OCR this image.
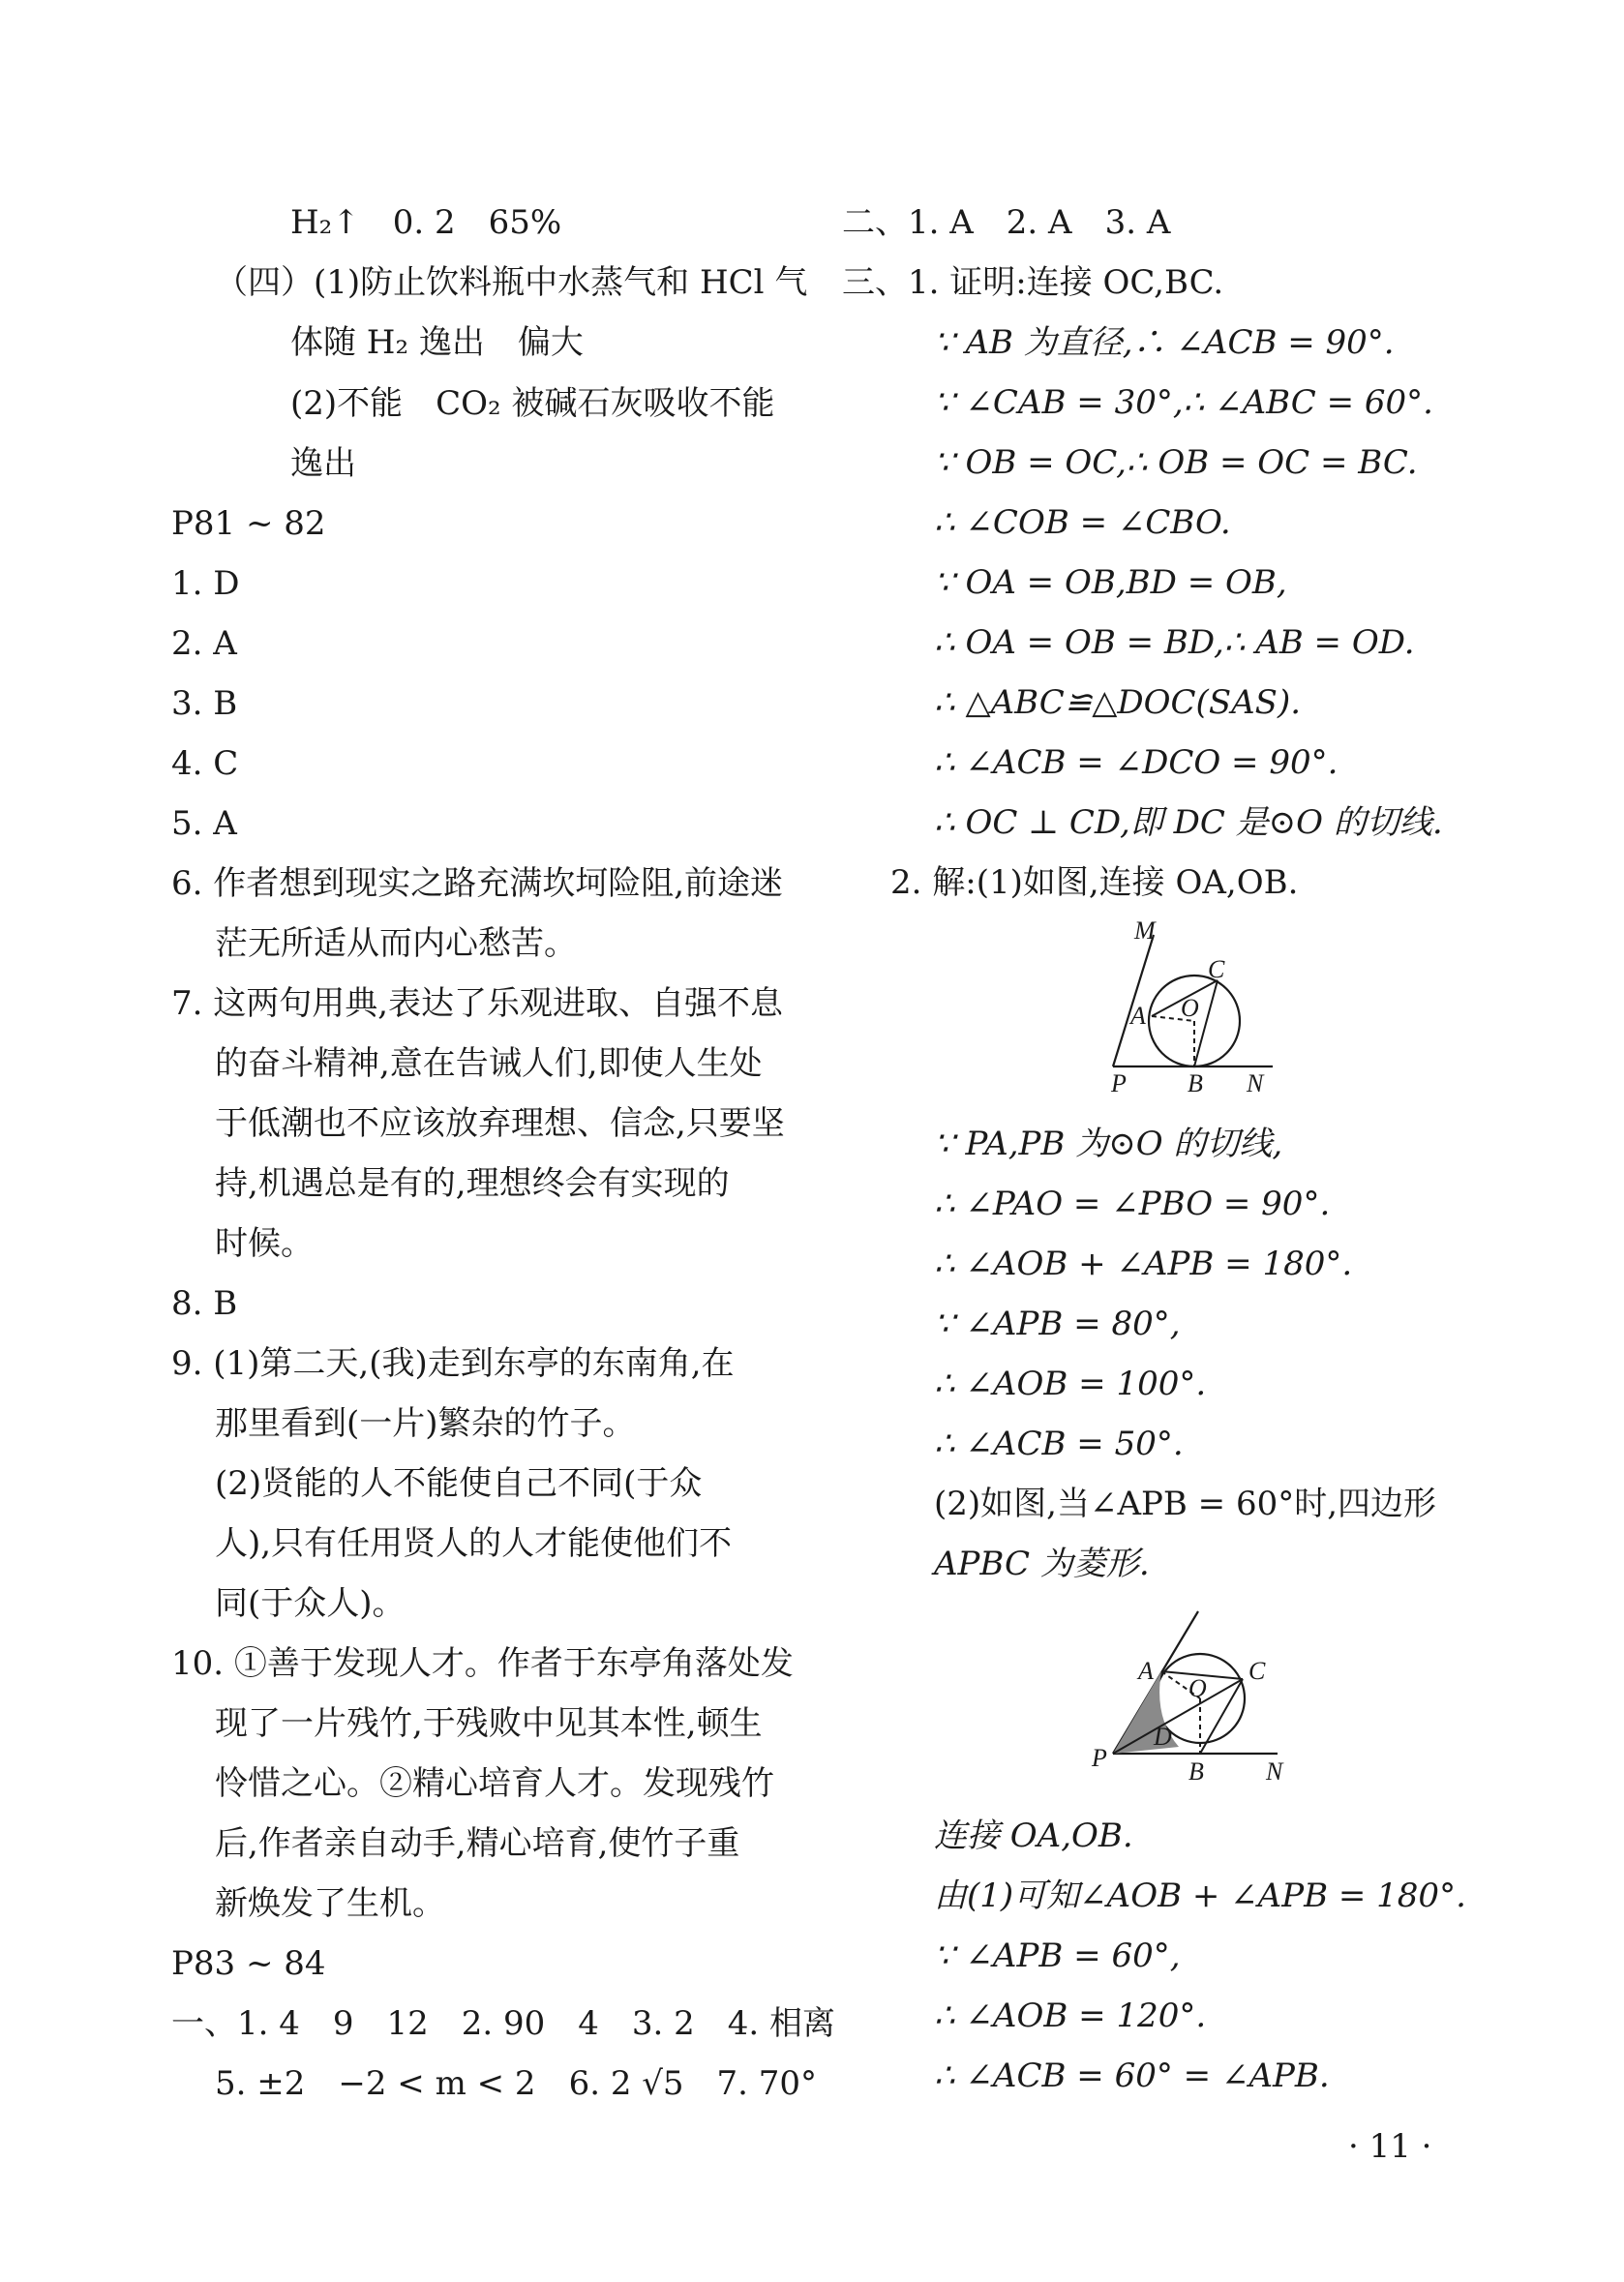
H₂↑　0. 2　65%
（四）(1)防止饮料瓶中水蒸气和 HCl 气
体随 H₂ 逸出　偏大
(2)不能　CO₂ 被碱石灰吸收不能
逸出
P81 ~ 82
1. D
2. A
3. B
4. C
5. A
6. 作者想到现实之路充满坎坷险阻,前途迷
茫无所适从而内心愁苦。
7. 这两句用典,表达了乐观进取、自强不息
的奋斗精神,意在告诫人们,即使人生处
于低潮也不应该放弃理想、信念,只要坚
持,机遇总是有的,理想终会有实现的
时候。
8. B
9. (1)第二天,(我)走到东亭的东南角,在
那里看到(一片)繁杂的竹子。
(2)贤能的人不能使自己不同(于众
人),只有任用贤人的人才能使他们不
同(于众人)。
10. ①善于发现人才。作者于东亭角落处发
现了一片残竹,于残败中见其本性,顿生
怜惜之心。②精心培育人才。发现残竹
后,作者亲自动手,精心培育,使竹子重
新焕发了生机。
P83 ~ 84
一、1. 4　9　12　2. 90　4　3. 2　4. 相离
5. ±2　−2 < m < 2　6. 2 √5　7. 70°
二、1. A　2. A　3. A
三、1. 证明:连接 OC,BC.
∵ AB 为直径,∴ ∠ACB = 90°.
∵ ∠CAB = 30°,∴ ∠ABC = 60°.
∵ OB = OC,∴ OB = OC = BC.
∴ ∠COB = ∠CBO.
∵ OA = OB,BD = OB,
∴ OA = OB = BD,∴ AB = OD.
∴ △ABC≌△DOC(SAS).
∴ ∠ACB = ∠DCO = 90°.
∴ OC ⊥ CD,即 DC 是⊙O 的切线.
2. 解:(1)如图,连接 OA,OB.
M
C
A O
P B N
∵ PA,PB 为⊙O 的切线,
∴ ∠PAO = ∠PBO = 90°.
∴ ∠AOB + ∠APB = 180°.
∵ ∠APB = 80°,
∴ ∠AOB = 100°.
∴ ∠ACB = 50°.
(2)如图,当∠APB = 60°时,四边形
APBC 为菱形.
A	C
O
D
P	B N
连接 OA,OB.
由(1)可知∠AOB + ∠APB = 180°.
∵ ∠APB = 60°,
∴ ∠AOB = 120°.
∴ ∠ACB = 60° = ∠APB.
· 11 ·
